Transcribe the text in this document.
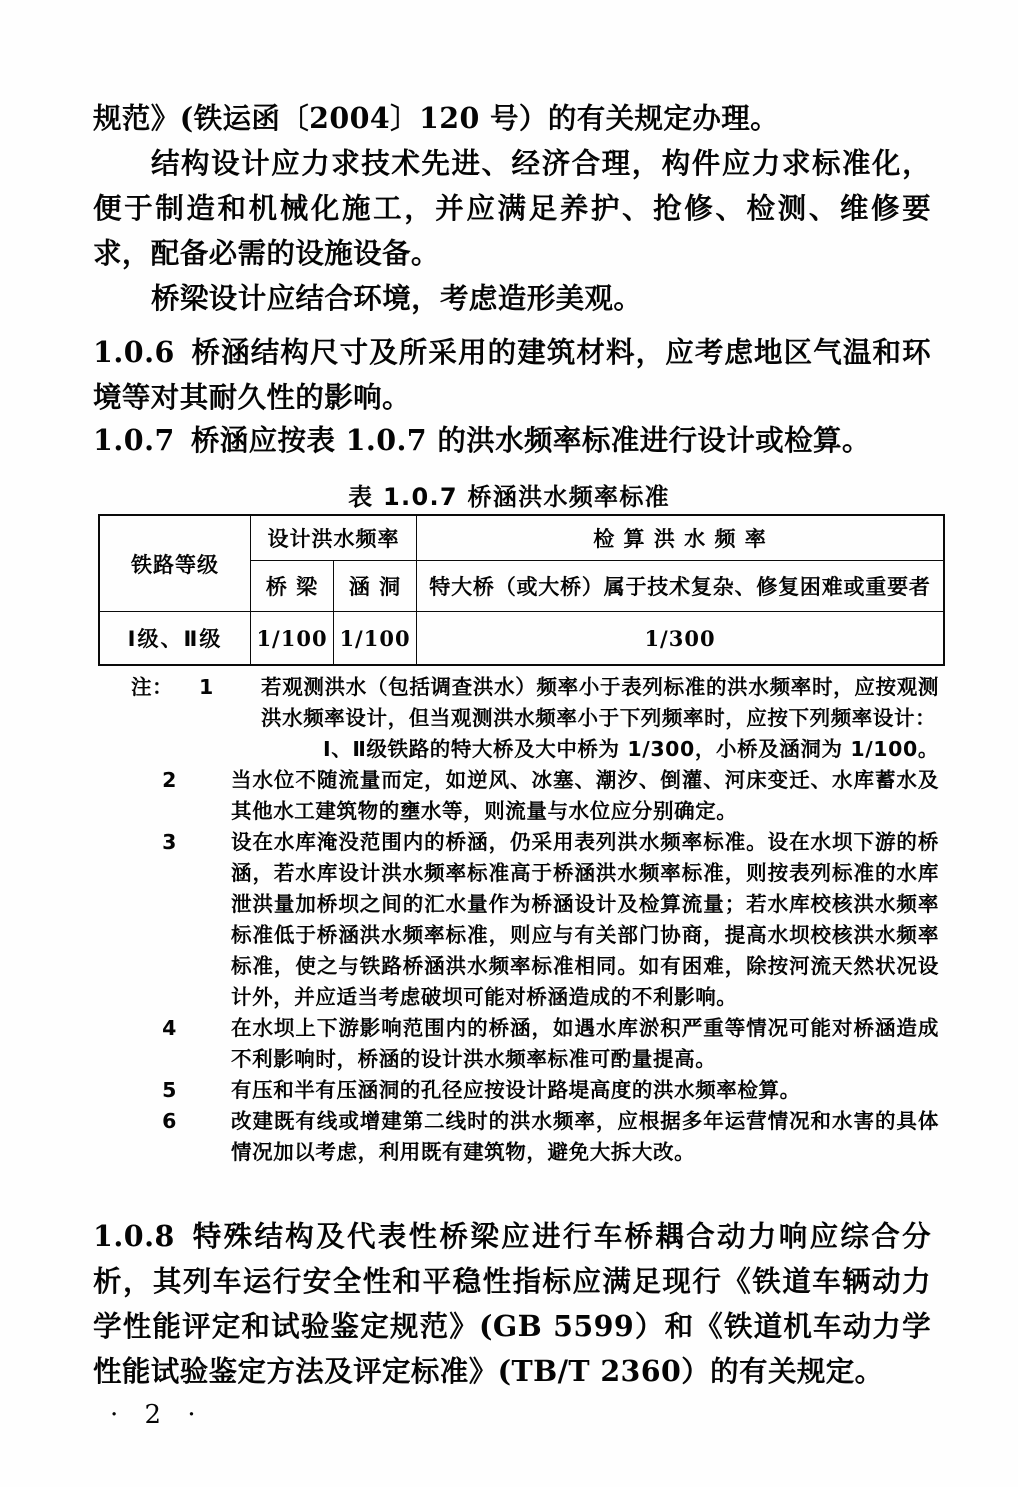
规范》(铁运函〔2004〕120 号）的有关规定办理。

结构设计应力求技术先进、经济合理，构件应力求标准化，便于制造和机械化施工，并应满足养护、抢修、检测、维修要求，配备必需的设施设备。

桥梁设计应结合环境，考虑造形美观。

1.0.6 桥涵结构尺寸及所采用的建筑材料，应考虑地区气温和环境等对其耐久性的影响。

1.0.7 桥涵应按表 1.0.7 的洪水频率标准进行设计或检算。

表 1.0.7 桥涵洪水频率标准
铁路等级	设计洪水频率		检 算 洪 水 频 率
	桥 梁	涵 洞	特大桥（或大桥）属于技术复杂、修复困难或重要者
Ⅰ级、Ⅱ级	1/100	1/100	1/300
注：	1	若观测洪水（包括调查洪水）频率小于表列标准的洪水频率时，应按观测洪水频率设计，但当观测洪水频率小于下列频率时，应按下列频率设计：
Ⅰ、Ⅱ级铁路的特大桥及大中桥为 1/300，小桥及涵洞为 1/100。
2	当水位不随流量而定，如逆风、冰塞、潮汐、倒灌、河床变迁、水库蓄水及其他水工建筑物的壅水等，则流量与水位应分别确定。
3	设在水库淹没范围内的桥涵，仍采用表列洪水频率标准。设在水坝下游的桥涵，若水库设计洪水频率标准高于桥涵洪水频率标准，则按表列标准的水库泄洪量加桥坝之间的汇水量作为桥涵设计及检算流量；若水库校核洪水频率标准低于桥涵洪水频率标准，则应与有关部门协商，提高水坝校核洪水频率标准，使之与铁路桥涵洪水频率标准相同。如有困难，除按河流天然状况设计外，并应适当考虑破坝可能对桥涵造成的不利影响。
4	在水坝上下游影响范围内的桥涵，如遇水库淤积严重等情况可能对桥涵造成不利影响时，桥涵的设计洪水频率标准可酌量提高。
5	有压和半有压涵洞的孔径应按设计路堤高度的洪水频率检算。
6	改建既有线或增建第二线时的洪水频率，应根据多年运营情况和水害的具体情况加以考虑，利用既有建筑物，避免大拆大改。

1.0.8 特殊结构及代表性桥梁应进行车桥耦合动力响应综合分析，其列车运行安全性和平稳性指标应满足现行《铁道车辆动力学性能评定和试验鉴定规范》(GB 5599）和《铁道机车动力学性能试验鉴定方法及评定标准》(TB/T 2360）的有关规定。

· 2 ·
